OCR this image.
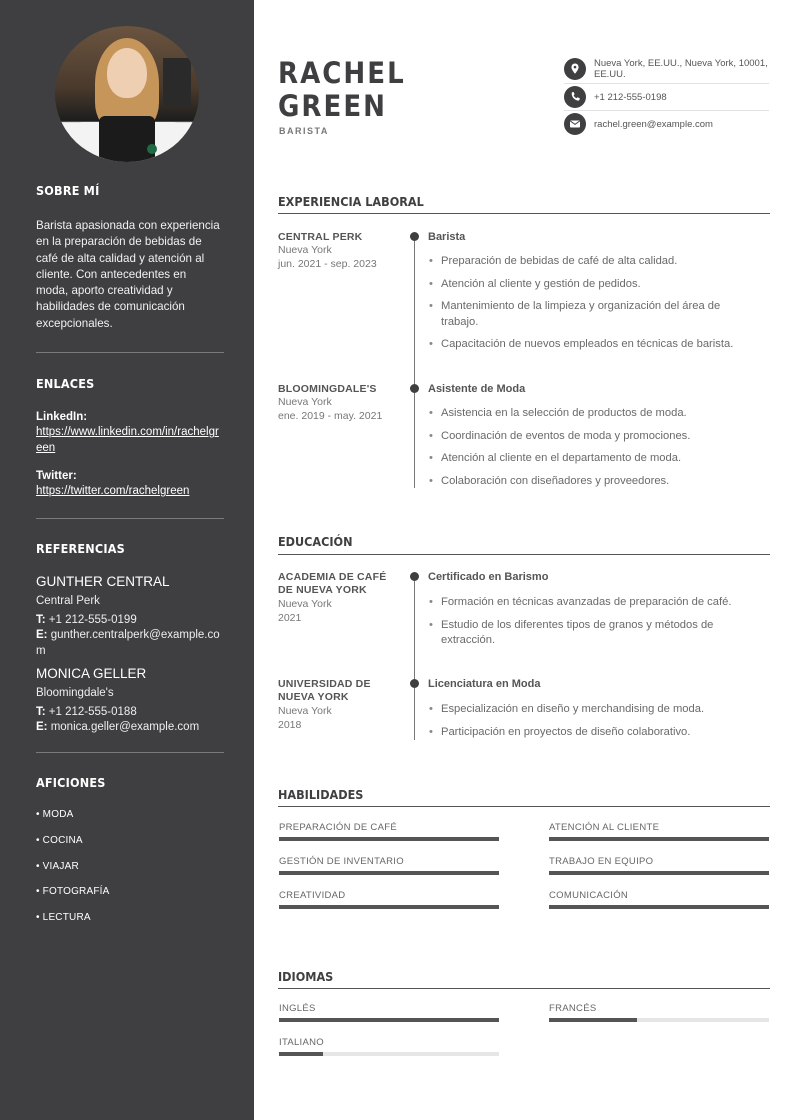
SOBRE MÍ
Barista apasionada con experiencia en la preparación de bebidas de café de alta calidad y atención al cliente. Con antecedentes en moda, aporto creatividad y habilidades de comunicación excepcionales.
ENLACES
LinkedIn:
https://www.linkedin.com/in/rachelgreen
Twitter:
https://twitter.com/rachelgreen
REFERENCIAS
GUNTHER CENTRAL
Central Perk
T: +1 212-555-0199
E: gunther.centralperk@example.com
MONICA GELLER
Bloomingdale's
T: +1 212-555-0188
E: monica.geller@example.com
AFICIONES
• MODA
• COCINA
• VIAJAR
• FOTOGRAFÍA
• LECTURA
RACHEL
GREEN
BARISTA
Nueva York, EE.UU., Nueva York, 10001, EE.UU.
+1 212-555-0198
rachel.green@example.com
EXPERIENCIA LABORAL
CENTRAL PERK
Nueva York
jun. 2021 - sep. 2023
Barista
• Preparación de bebidas de café de alta calidad.
• Atención al cliente y gestión de pedidos.
• Mantenimiento de la limpieza y organización del área de trabajo.
• Capacitación de nuevos empleados en técnicas de barista.
BLOOMINGDALE'S
Nueva York
ene. 2019 - may. 2021
Asistente de Moda
• Asistencia en la selección de productos de moda.
• Coordinación de eventos de moda y promociones.
• Atención al cliente en el departamento de moda.
• Colaboración con diseñadores y proveedores.
EDUCACIÓN
ACADEMIA DE CAFÉ DE NUEVA YORK
Nueva York
2021
Certificado en Barismo
• Formación en técnicas avanzadas de preparación de café.
• Estudio de los diferentes tipos de granos y métodos de extracción.
UNIVERSIDAD DE NUEVA YORK
Nueva York
2018
Licenciatura en Moda
• Especialización en diseño y merchandising de moda.
• Participación en proyectos de diseño colaborativo.
HABILIDADES
PREPARACIÓN DE CAFÉ	ATENCIÓN AL CLIENTE
GESTIÓN DE INVENTARIO	TRABAJO EN EQUIPO
CREATIVIDAD	COMUNICACIÓN
IDIOMAS
INGLÉS	FRANCÉS
ITALIANO
